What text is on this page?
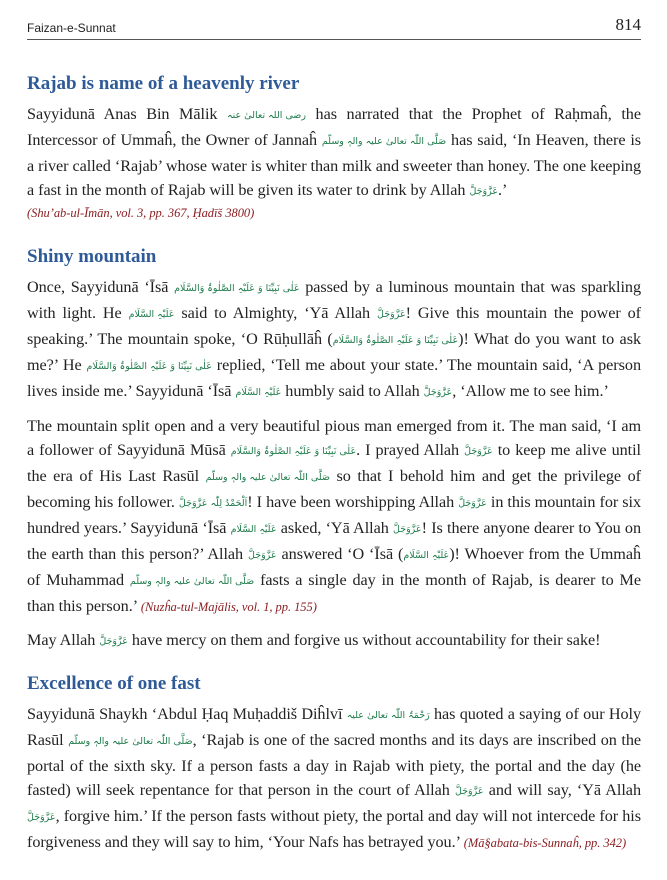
Faizan-e-Sunnat	814
Rajab is name of a heavenly river

Sayyidunā Anas Bin Mālik رضی اللہ تعالیٰ عنہ has narrated that the Prophet of Raḥmaĥ, the Intercessor of Ummaĥ, the Owner of Jannaĥ صَلَّی اللّٰہ تعالیٰ علیہ والہٖ وسلّم has said, ‘In Heaven, there is a river called ‘Rajab’ whose water is whiter than milk and sweeter than honey. The one keeping a fast in the month of Rajab will be given its water to drink by Allah عَزَّوَجَلَّ.’
(Shu’ab-ul-Īmān, vol. 3, pp. 367, Ḥadīš 3800)

Shiny mountain

Once, Sayyidunā ‘Īsā عَلٰی نَبِیِّنَا وَ عَلَیْہِ الصَّلٰوۃُ وَالسَّلَام passed by a luminous mountain that was sparkling with light. He عَلَیْہِ السَّلَام said to Almighty, ‘Yā Allah عَزَّوَجَلَّ! Give this mountain the power of speaking.’ The mountain spoke, ‘O Rūḥullāĥ (عَلٰی نَبِیِّنَا وَ عَلَیْہِ الصَّلٰوۃُ وَالسَّلَام)! What do you want to ask me?’ He عَلٰی نَبِیِّنَا وَ عَلَیْہِ الصَّلٰوۃُ وَالسَّلَام replied, ‘Tell me about your state.’ The mountain said, ‘A person lives inside me.’ Sayyidunā ‘Īsā عَلَیْہِ السَّلَام humbly said to Allah عَزَّوَجَلَّ, ‘Allow me to see him.’

The mountain split open and a very beautiful pious man emerged from it. The man said, ‘I am a follower of Sayyidunā Mūsā عَلٰی نَبِیِّنَا وَ عَلَیْہِ الصَّلٰوۃُ وَالسَّلَام. I prayed Allah عَزَّوَجَلَّ to keep me alive until the era of His Last Rasūl صَلَّی اللّٰہ تعالیٰ علیہ والہٖ وسلّم so that I behold him and get the privilege of becoming his follower. اَلْحَمْدُ لِلّٰہ عَزَّوَجَلَّ! I have been worshipping Allah عَزَّوَجَلَّ in this mountain for six hundred years.’ Sayyidunā ‘Īsā عَلَیْہِ السَّلَام asked, ‘Yā Allah عَزَّوَجَلَّ! Is there anyone dearer to You on the earth than this person?’ Allah عَزَّوَجَلَّ answered ‘O ‘Īsā (عَلَیْہِ السَّلَام)! Whoever from the Ummaĥ of Muhammad صَلَّی اللّٰہ تعالیٰ علیہ والہٖ وسلّم fasts a single day in the month of Rajab, is dearer to Me than this person.’ (Nuzĥa-tul-Majālis, vol. 1, pp. 155)

May Allah عَزَّوَجَلَّ have mercy on them and forgive us without accountability for their sake!

Excellence of one fast

Sayyidunā Shaykh ‘Abdul Ḥaq Muḥaddiš Diĥlvī رَحْمَۃُ اللّٰہ تعالیٰ علیہ has quoted a saying of our Holy Rasūl صَلَّی اللّٰہ تعالیٰ علیہ والہٖ وسلّم, ‘Rajab is one of the sacred months and its days are inscribed on the portal of the sixth sky. If a person fasts a day in Rajab with piety, the portal and the day (he fasted) will seek repentance for that person in the court of Allah عَزَّوَجَلَّ and will say, ‘Yā Allah عَزَّوَجَلَّ, forgive him.’ If the person fasts without piety, the portal and day will not intercede for his forgiveness and they will say to him, ‘Your Nafs has betrayed you.’ (Mā§abata-bis-Sunnaĥ, pp. 342)
